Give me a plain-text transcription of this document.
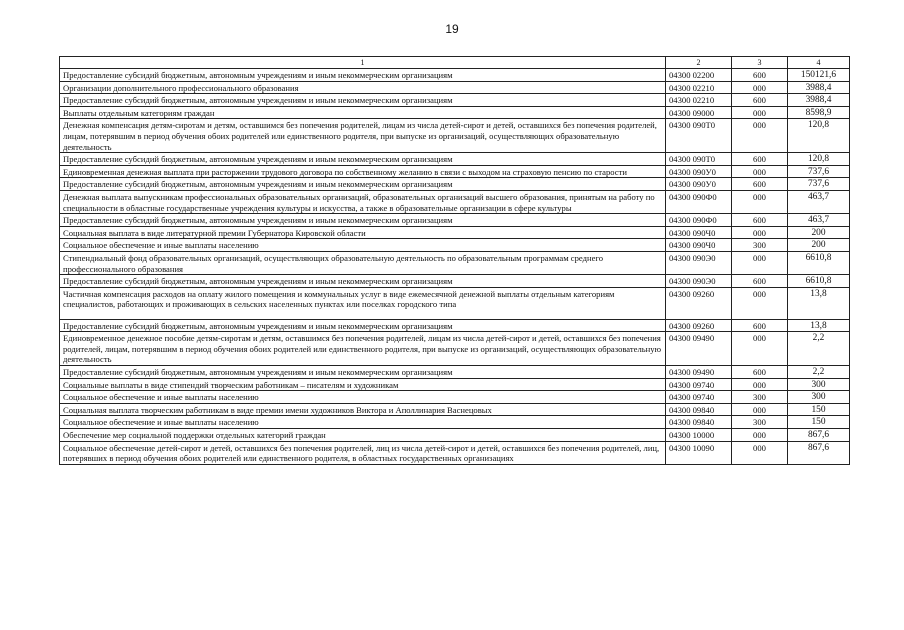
19
1	2	3	4
Предоставление субсидий бюджетным, автономным учреждениям и иным некоммерческим организациям	04300 02200	600	150121,6
Организации дополнительного профессионального образования	04300 02210	000	3988,4
Предоставление субсидий бюджетным, автономным учреждениям и иным некоммерческим организациям	04300 02210	600	3988,4
Выплаты отдельным категориям граждан	04300 09000	000	8598,9
Денежная компенсация детям-сиротам и детям, оставшимся без попечения родителей, лицам из числа детей-сирот и детей, оставшихся без попечения родителей, лицам, потерявшим в период обучения обоих родителей или единственного родителя, при выпуске из организаций, осуществляющих образовательную деятельность	04300 090Т0	000	120,8
Предоставление субсидий бюджетным, автономным учреждениям и иным некоммерческим организациям	04300 090Т0	600	120,8
Единовременная денежная выплата при расторжении трудового договора по собственному желанию в связи с выходом на страховую пенсию по старости	04300 090У0	000	737,6
Предоставление субсидий бюджетным, автономным учреждениям и иным некоммерческим организациям	04300 090У0	600	737,6
Денежная выплата выпускникам профессиональных образовательных организаций, образовательных организаций высшего образования, принятым на работу по специальности в областные государственные учреждения культуры и искусства, а также в образовательные организации в сфере культуры	04300 090Ф0	000	463,7
Предоставление субсидий бюджетным, автономным учреждениям и иным некоммерческим организациям	04300 090Ф0	600	463,7
Социальная выплата в виде литературной премии Губернатора Кировской области	04300 090Ч0	000	200
Социальное обеспечение и иные выплаты населению	04300 090Ч0	300	200
Стипендиальный фонд образовательных организаций, осуществляющих образовательную деятельность по образовательным программам среднего профессионального образования	04300 090Э0	000	6610,8
Предоставление субсидий бюджетным, автономным учреждениям и иным некоммерческим организациям	04300 090Э0	600	6610,8
Частичная компенсация расходов на оплату жилого помещения и коммунальных услуг в виде ежемесячной денежной выплаты отдельным категориям специалистов, работающих и проживающих в сельских населенных пунктах или поселках городского типа	04300 09260	000	13,8
Предоставление субсидий бюджетным, автономным учреждениям и иным некоммерческим организациям	04300 09260	600	13,8
Единовременное денежное пособие детям-сиротам и детям, оставшимся без попечения родителей, лицам из числа детей-сирот и детей, оставшихся без попечения родителей, лицам, потерявшим в период обучения обоих родителей или единственного родителя, при выпуске из организаций, осуществляющих образовательную деятельность	04300 09490	000	2,2
Предоставление субсидий бюджетным, автономным учреждениям и иным некоммерческим организациям	04300 09490	600	2,2
Социальные выплаты в виде стипендий творческим работникам – писателям и художникам	04300 09740	000	300
Социальное обеспечение и иные выплаты населению	04300 09740	300	300
Социальная выплата творческим работникам в виде премии имени художников Виктора и Аполлинария Васнецовых	04300 09840	000	150
Социальное обеспечение и иные выплаты населению	04300 09840	300	150
Обеспечение мер социальной поддержки отдельных категорий граждан	04300 10000	000	867,6
Социальное обеспечение детей-сирот и детей, оставшихся без попечения родителей, лиц из числа детей-сирот и детей, оставшихся без попечения родителей, лиц, потерявших в период обучения обоих родителей или единственного родителя, в областных государственных организациях	04300 10090	000	867,6
